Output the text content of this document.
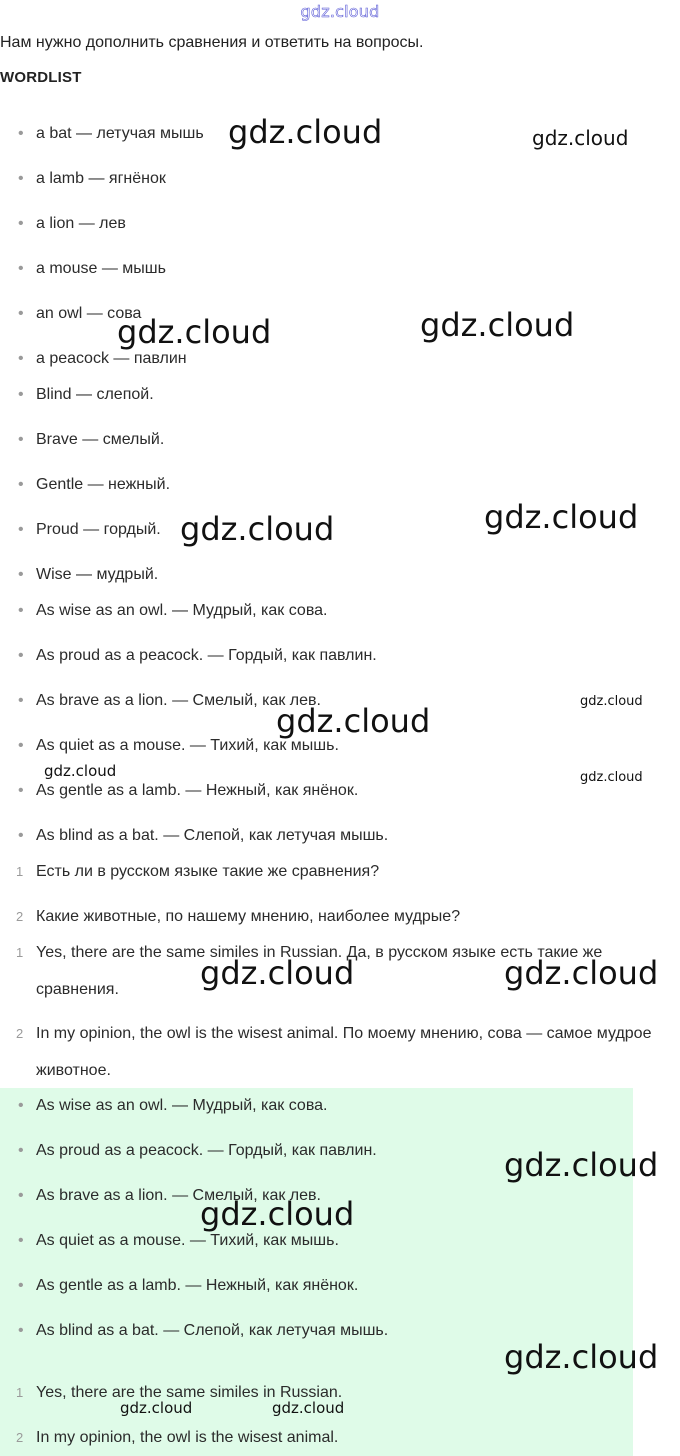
gdz.cloud
Нам нужно дополнить сравнения и ответить на вопросы.
WORDLIST
• a bat — летучая мышь
• a lamb — ягнёнок
• a lion — лев
• a mouse — мышь
• an owl — сова
• a peacock — павлин
• Blind — слепой.
• Brave — смелый.
• Gentle — нежный.
• Proud — гордый.
• Wise — мудрый.
• As wise as an owl. — Мудрый, как сова.
• As proud as a peacock. — Гордый, как павлин.
• As brave as a lion. — Смелый, как лев.
• As quiet as a mouse. — Тихий, как мышь.
• As gentle as a lamb. — Нежный, как янёнок.
• As blind as a bat. — Слепой, как летучая мышь.
1 Есть ли в русском языке такие же сравнения?
2 Какие животные, по нашему мнению, наиболее мудрые?
1 Yes, there are the same similes in Russian. Да, в русском языке есть такие же сравнения.
2 In my opinion, the owl is the wisest animal. По моему мнению, сова — самое мудрое животное.
• As wise as an owl. — Мудрый, как сова.
• As proud as a peacock. — Гордый, как павлин.
• As brave as a lion. — Смелый, как лев.
• As quiet as a mouse. — Тихий, как мышь.
• As gentle as a lamb. — Нежный, как янёнок.
• As blind as a bat. — Слепой, как летучая мышь.
1 Yes, there are the same similes in Russian.
2 In my opinion, the owl is the wisest animal.
gdz.cloud	gdz.cloud
gdz.cloud	gdz.cloud
gdz.cloud	gdz.cloud
gdz.cloud
gdz.cloud
gdz.cloud	gdz.cloud
gdz.cloud	gdz.cloud
gdz.cloud
gdz.cloud
gdz.cloud
gdz.cloud	gdz.cloud
